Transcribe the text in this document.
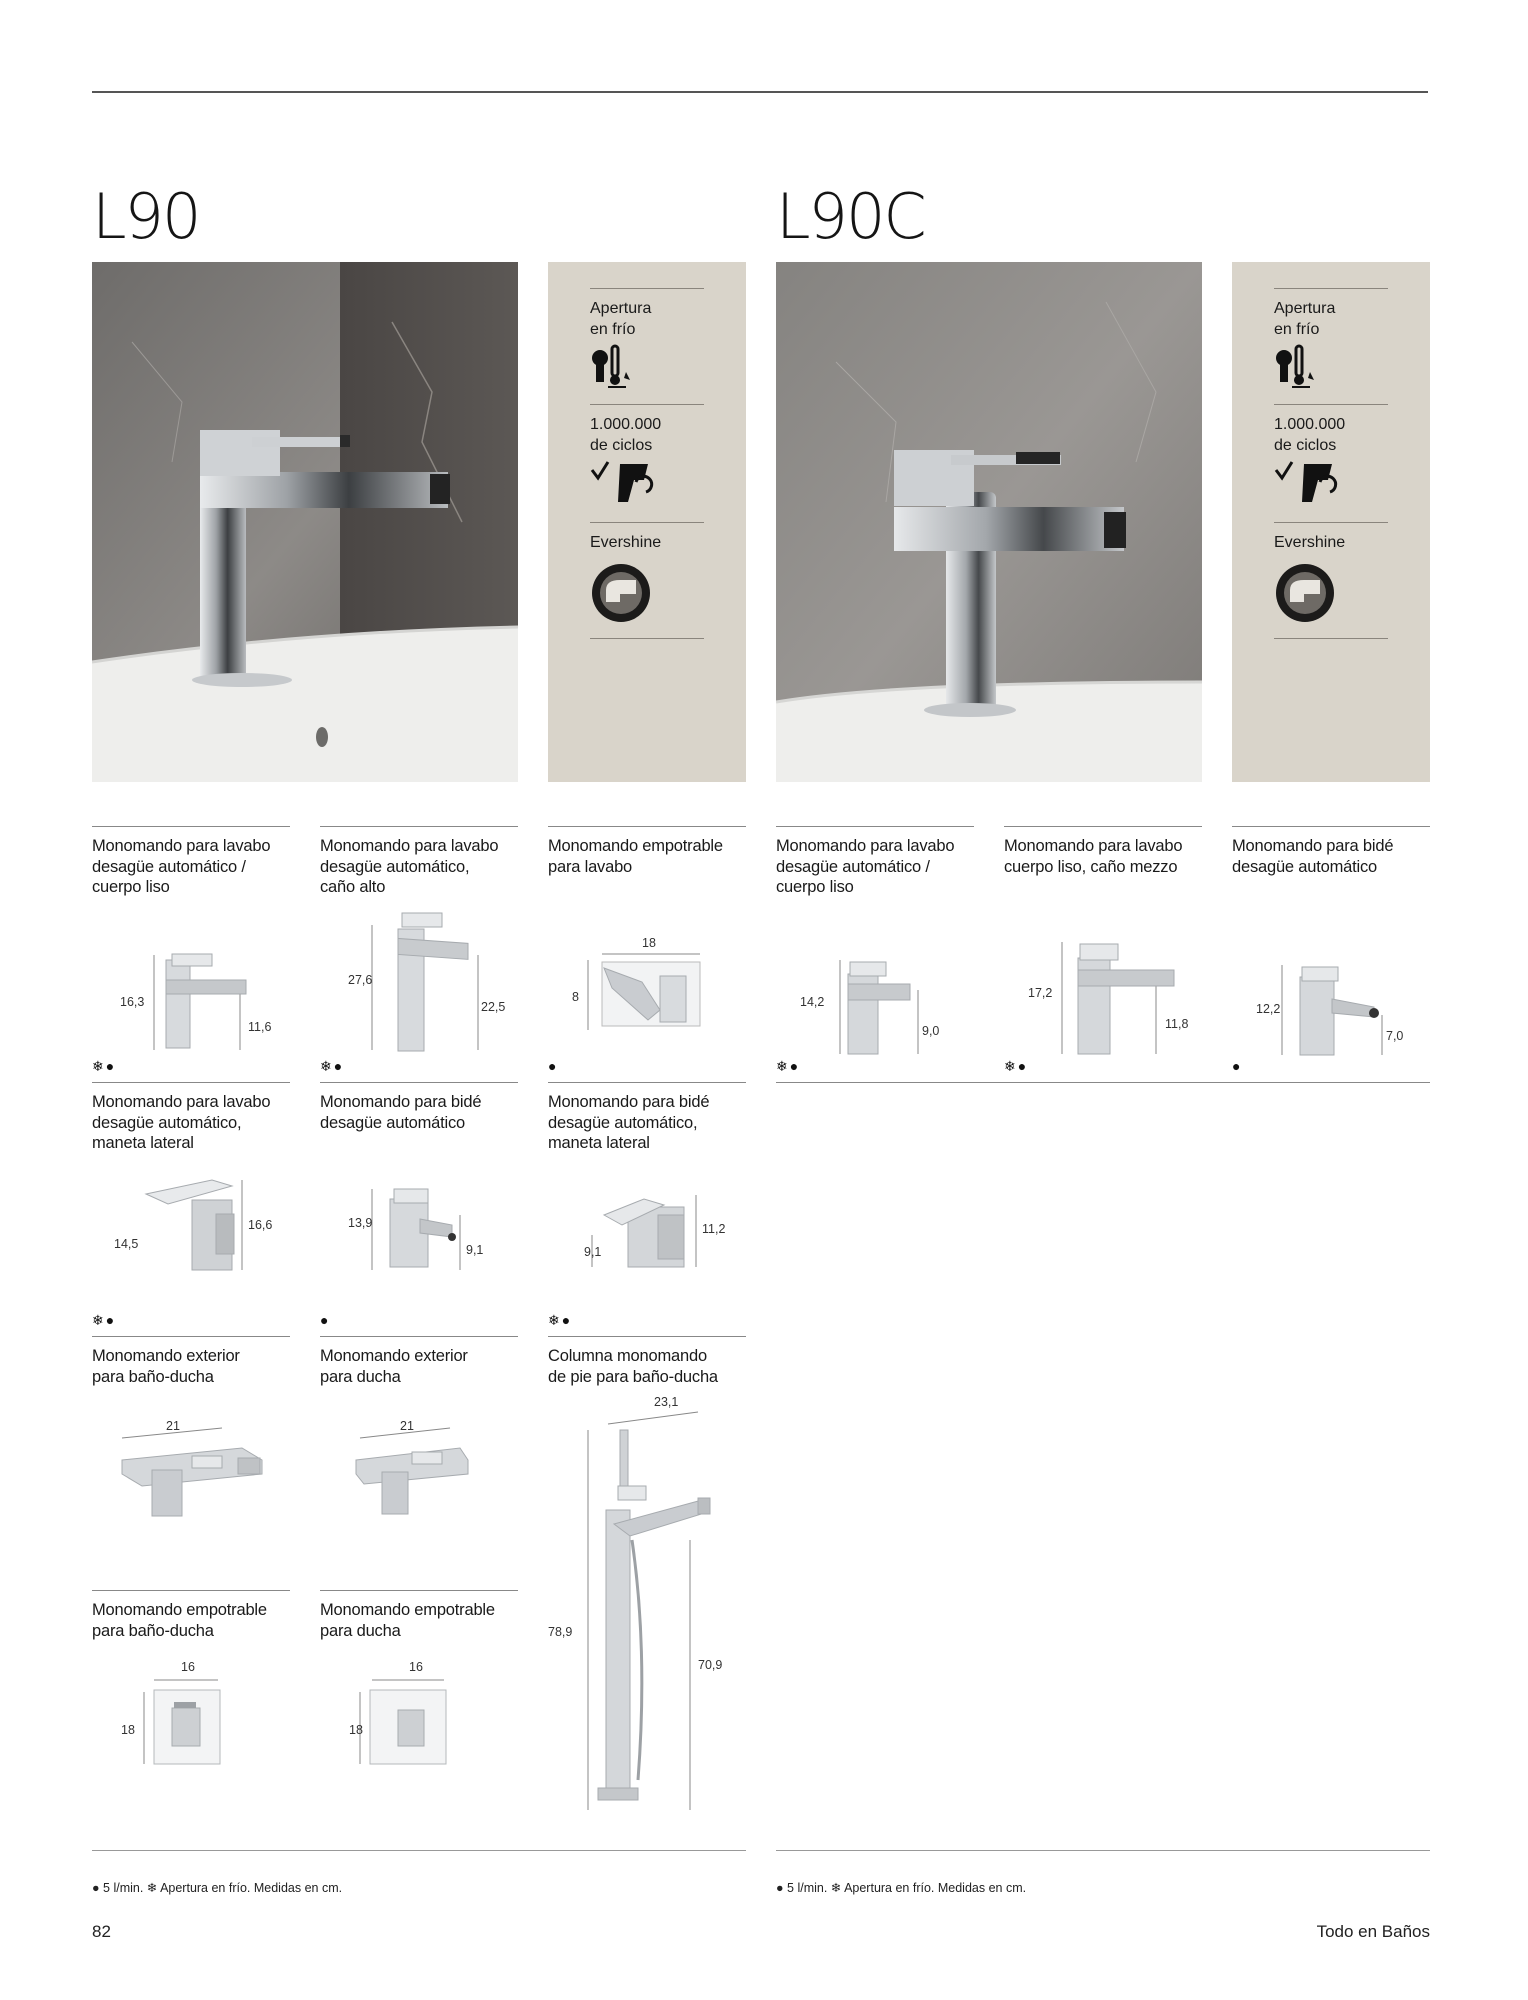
L90	L90C
Apertura
en frío
1.000.000
de ciclos
Evershine
Apertura
en frío
1.000.000
de ciclos
Evershine
Monomando para lavabo
desagüe automático /
cuerpo liso
Monomando para lavabo
desagüe automático,
caño alto
Monomando empotrable
para lavabo
16,3
11,6
27,6
22,5
18
8
❄●	❄●	●
Monomando para lavabo
desagüe automático,
maneta lateral
Monomando para bidé
desagüe automático
Monomando para bidé
desagüe automático,
maneta lateral
14,5
16,6	13,9
9,1	9,1
11,2
❄●	●	❄●
Monomando exterior
para baño-ducha
Monomando exterior
para ducha
Columna monomando
de pie para baño-ducha
21	21
23,1
78,9
70,9
Monomando empotrable
para baño-ducha
Monomando empotrable
para ducha
16
18
16
18
Monomando para lavabo
desagüe automático /
cuerpo liso
Monomando para lavabo
cuerpo liso, caño mezzo
Monomando para bidé
desagüe automático
14,2
9,0
17,2
11,8
12,2
7,0
❄●	❄●	●
● 5 l/min. ❄ Apertura en frío. Medidas en cm.	● 5 l/min. ❄ Apertura en frío. Medidas en cm.
82	Todo en Baños
